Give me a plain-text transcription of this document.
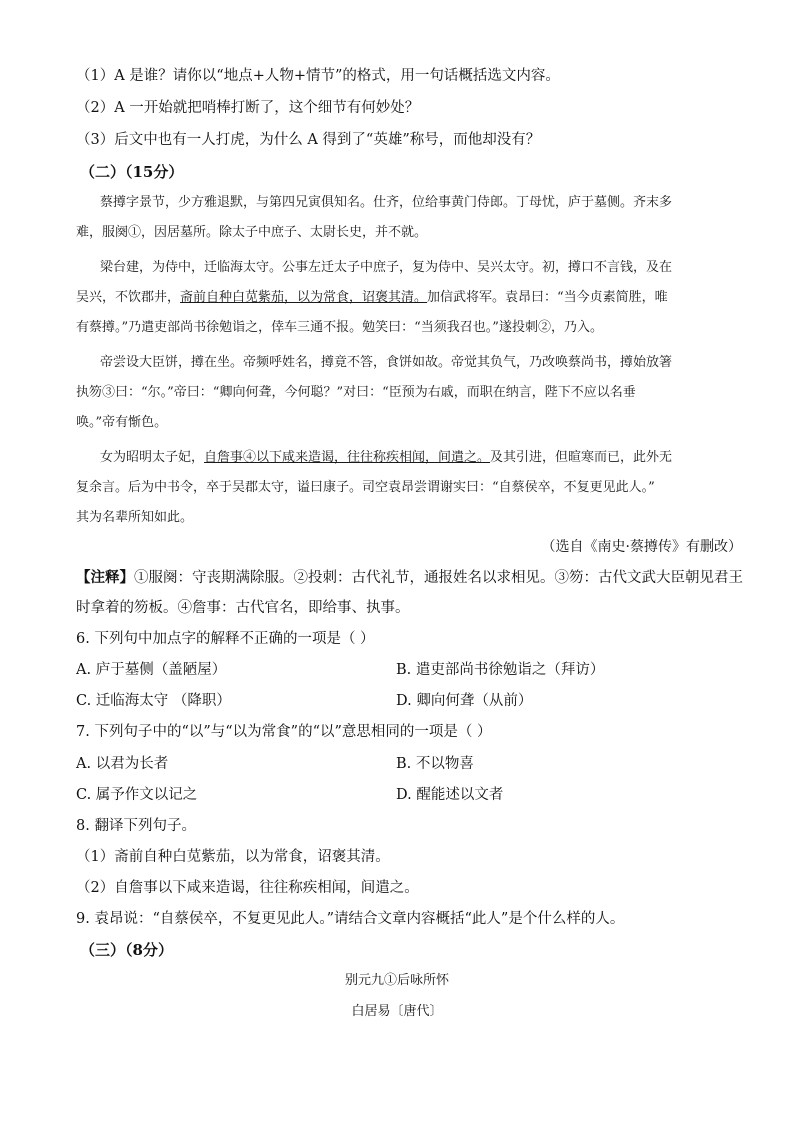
（1）A 是谁？请你以“地点+人物+情节”的格式，用一句话概括选文内容。
（2）A 一开始就把哨棒打断了，这个细节有何妙处？
（3）后文中也有一人打虎，为什么 A 得到了“英雄”称号，而他却没有？
（二）（15分）
蔡撙字景节，少方雅退默，与第四兄寅俱知名。仕齐，位给事黄门侍郎。丁母忧，庐于墓侧。齐末多
难，服阕①，因居墓所。除太子中庶子、太尉长史，并不就。
梁台建，为侍中，迁临海太守。公事左迁太子中庶子，复为侍中、吴兴太守。初，撙口不言钱，及在
吴兴，不饮郡井，斋前自种白苋紫茄，以为常食，诏褒其清。加信武将军。袁昂曰：“当今贞素简胜，唯
有蔡撙。”乃遣吏部尚书徐勉诣之，倖车三通不报。勉笑曰：“当须我召也。”遂投刺②，乃入。
帝尝设大臣饼，撙在坐。帝频呼姓名，撙竟不答，食饼如故。帝觉其负气，乃改唤蔡尚书，撙始放箸
执笏③曰：“尔。”帝曰：“卿向何聋，今何聪？”对曰：“臣预为右戚，而职在纳言，陛下不应以名垂
唤。”帝有惭色。
女为昭明太子妃，自詹事④以下咸来造谒，往往称疾相闻，间遣之。及其引进，但暄寒而已，此外无
复余言。后为中书令，卒于吴郡太守，谥曰康子。司空袁昂尝谓谢实曰：“自蔡侯卒，不复更见此人。”
其为名辈所知如此。
（选自《南史·蔡撙传》有删改）
【注释】①服阕：守丧期满除服。②投刺：古代礼节，通报姓名以求相见。③笏：古代文武大臣朝见君王
时拿着的笏板。④詹事：古代官名，即给事、执事。
6. 下列句中加点字的解释不正确的一项是（ ）
A. 庐于墓侧（盖陋屋）	B. 遣吏部尚书徐勉诣之（拜访）
C. 迁临海太守 （降职）	D. 卿向何聋（从前）
7. 下列句子中的“以”与“以为常食”的“以”意思相同的一项是（ ）
A. 以君为长者	B. 不以物喜
C. 属予作文以记之	D. 醒能述以文者
8. 翻译下列句子。
（1）斋前自种白苋紫茄，以为常食，诏褒其清。
（2）自詹事以下咸来造谒，往往称疾相闻，间遣之。
9. 袁昂说：“自蔡侯卒，不复更见此人。”请结合文章内容概括“此人”是个什么样的人。
（三）（8分）
别元九①后咏所怀
白居易〔唐代〕
